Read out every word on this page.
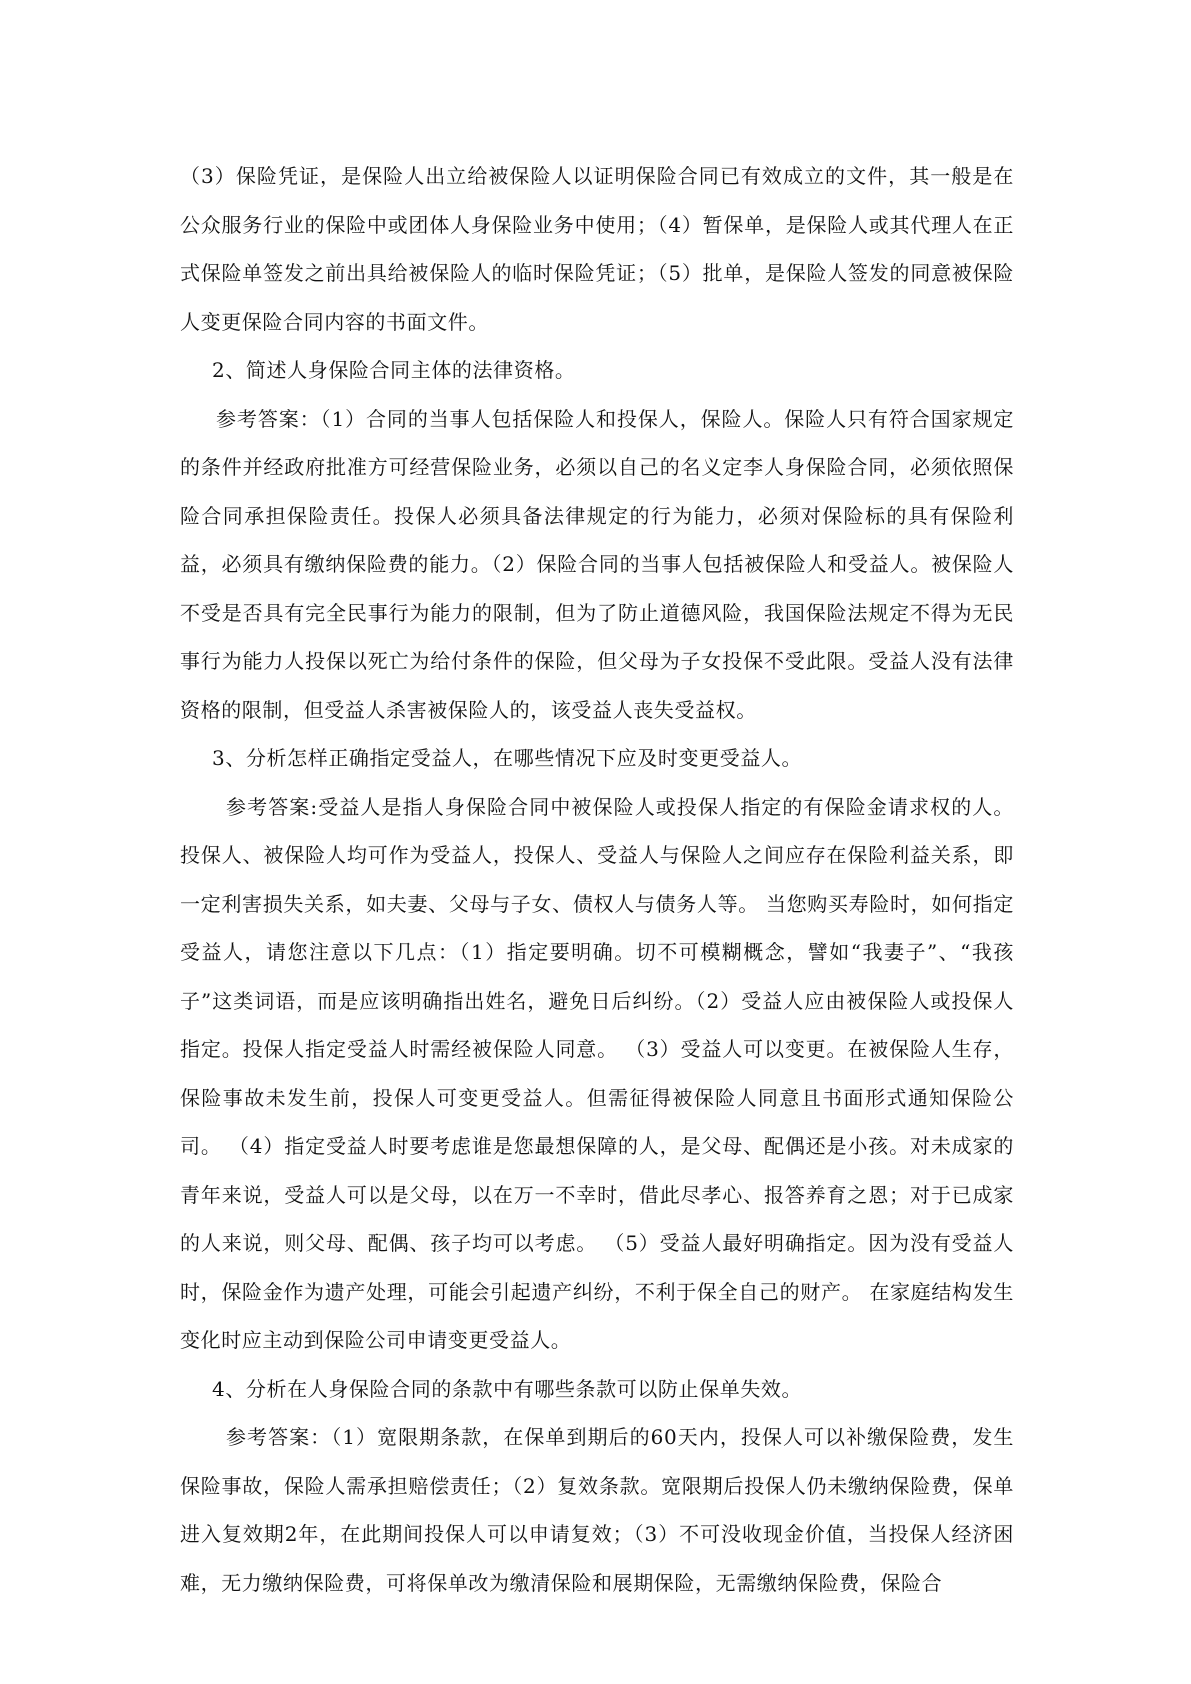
（3）保险凭证，是保险人出立给被保险人以证明保险合同已有效成立的文件，其一般是在公众服务行业的保险中或团体人身保险业务中使用；（4）暂保单，是保险人或其代理人在正式保险单签发之前出具给被保险人的临时保险凭证；（5）批单，是保险人签发的同意被保险人变更保险合同内容的书面文件。

2、简述人身保险合同主体的法律资格。

参考答案：（1）合同的当事人包括保险人和投保人，保险人。保险人只有符合国家规定的条件并经政府批准方可经营保险业务，必须以自己的名义定李人身保险合同，必须依照保险合同承担保险责任。投保人必须具备法律规定的行为能力，必须对保险标的具有保险利益，必须具有缴纳保险费的能力。（2）保险合同的当事人包括被保险人和受益人。被保险人不受是否具有完全民事行为能力的限制，但为了防止道德风险，我国保险法规定不得为无民事行为能力人投保以死亡为给付条件的保险，但父母为子女投保不受此限。受益人没有法律资格的限制，但受益人杀害被保险人的，该受益人丧失受益权。

3、分析怎样正确指定受益人，在哪些情况下应及时变更受益人。

参考答案:受益人是指人身保险合同中被保险人或投保人指定的有保险金请求权的人。投保人、被保险人均可作为受益人，投保人、受益人与保险人之间应存在保险利益关系，即一定利害损失关系，如夫妻、父母与子女、债权人与债务人等。 当您购买寿险时，如何指定受益人，请您注意以下几点：（1）指定要明确。切不可模糊概念，譬如“我妻子”、“我孩子”这类词语，而是应该明确指出姓名，避免日后纠纷。（2）受益人应由被保险人或投保人指定。投保人指定受益人时需经被保险人同意。 （3）受益人可以变更。在被保险人生存，保险事故未发生前，投保人可变更受益人。但需征得被保险人同意且书面形式通知保险公司。 （4）指定受益人时要考虑谁是您最想保障的人，是父母、配偶还是小孩。对未成家的青年来说，受益人可以是父母，以在万一不幸时，借此尽孝心、报答养育之恩；对于已成家的人来说，则父母、配偶、孩子均可以考虑。 （5）受益人最好明确指定。因为没有受益人时，保险金作为遗产处理，可能会引起遗产纠纷，不利于保全自己的财产。 在家庭结构发生变化时应主动到保险公司申请变更受益人。

4、分析在人身保险合同的条款中有哪些条款可以防止保单失效。

参考答案：（1）宽限期条款，在保单到期后的60天内，投保人可以补缴保险费，发生保险事故，保险人需承担赔偿责任；（2）复效条款。宽限期后投保人仍未缴纳保险费，保单进入复效期2年，在此期间投保人可以申请复效；（3）不可没收现金价值，当投保人经济困难，无力缴纳保险费，可将保单改为缴清保险和展期保险，无需缴纳保险费，保险合
